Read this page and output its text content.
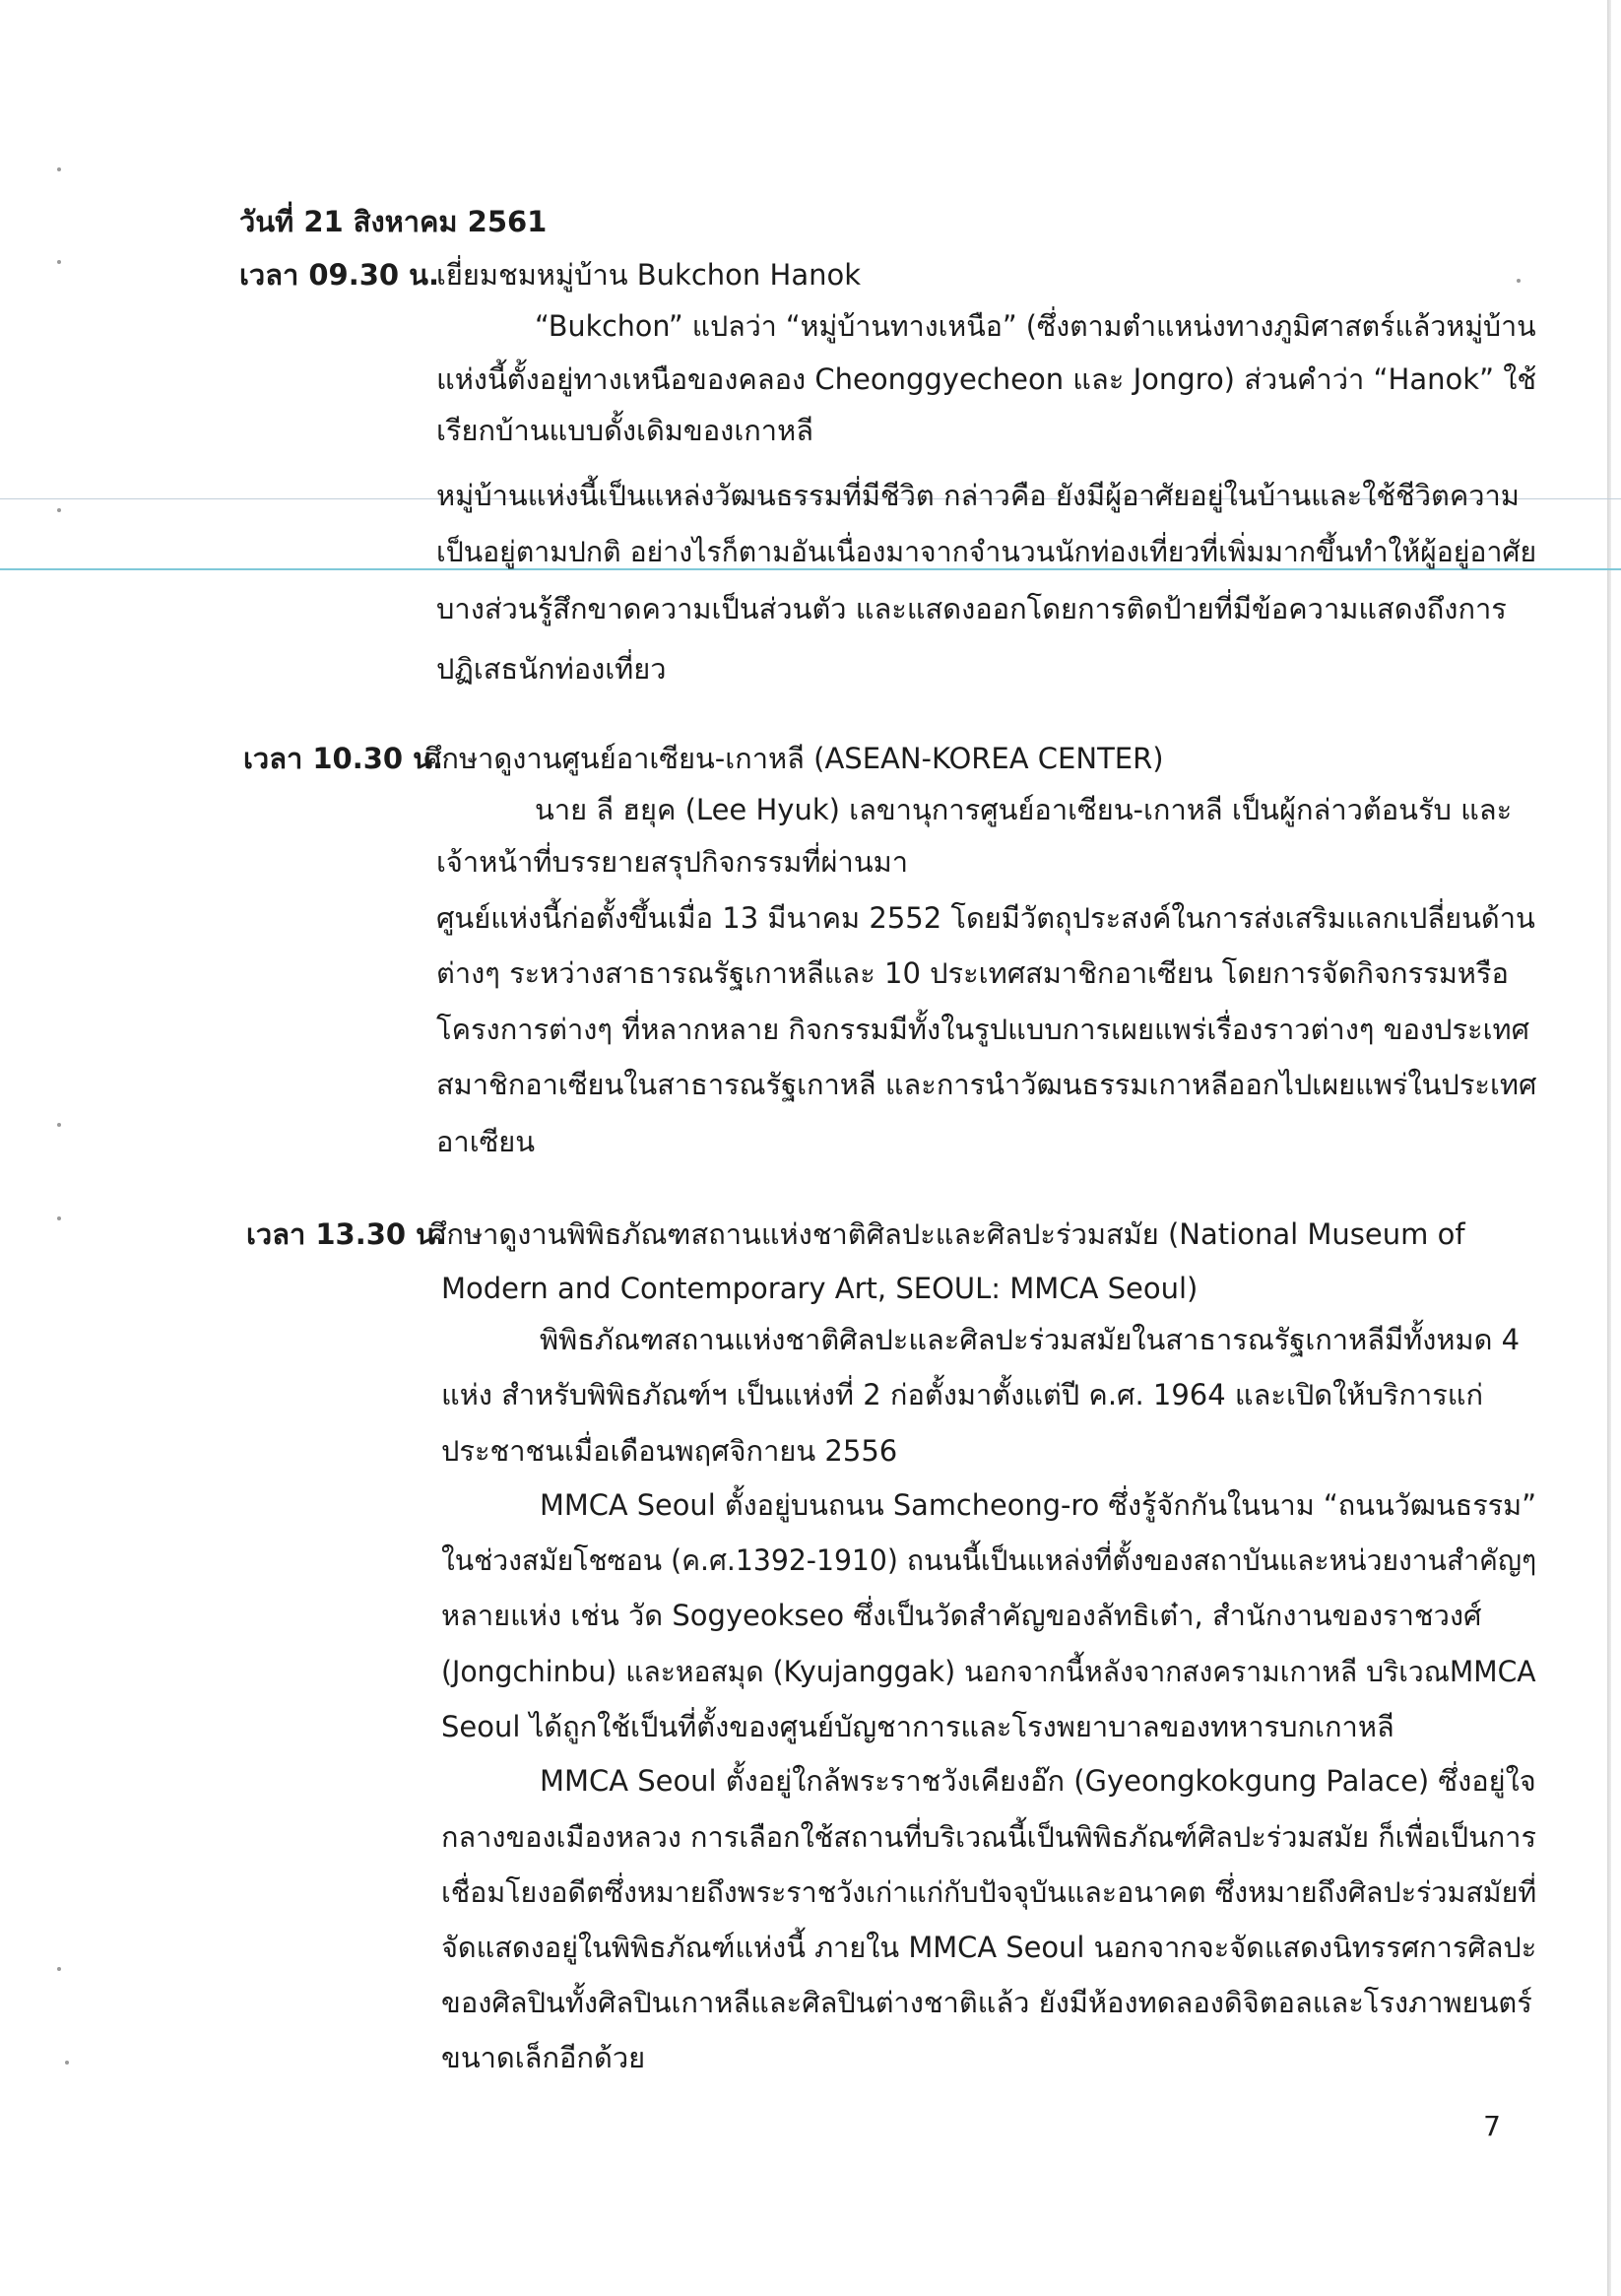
วันที่ 21 สิงหาคม 2561
เวลา 09.30 น.
เยี่ยมชมหมู่บ้าน Bukchon Hanok
“Bukchon” แปลว่า “หมู่บ้านทางเหนือ” (ซึ่งตามตำแหน่งทางภูมิศาสตร์แล้วหมู่บ้าน
แห่งนี้ตั้งอยู่ทางเหนือของคลอง Cheonggyecheon และ Jongro) ส่วนคำว่า “Hanok” ใช้
เรียกบ้านแบบดั้งเดิมของเกาหลี
หมู่บ้านแห่งนี้เป็นแหล่งวัฒนธรรมที่มีชีวิต กล่าวคือ ยังมีผู้อาศัยอยู่ในบ้านและใช้ชีวิตความ
เป็นอยู่ตามปกติ อย่างไรก็ตามอันเนื่องมาจากจำนวนนักท่องเที่ยวที่เพิ่มมากขึ้นทำให้ผู้อยู่อาศัย
บางส่วนรู้สึกขาดความเป็นส่วนตัว และแสดงออกโดยการติดป้ายที่มีข้อความแสดงถึงการ
ปฏิเสธนักท่องเที่ยว
เวลา 10.30 น.
ศึกษาดูงานศูนย์อาเซียน-เกาหลี (ASEAN-KOREA CENTER)
นาย ลี ฮยุค (Lee Hyuk) เลขานุการศูนย์อาเซียน-เกาหลี เป็นผู้กล่าวต้อนรับ และ
เจ้าหน้าที่บรรยายสรุปกิจกรรมที่ผ่านมา
ศูนย์แห่งนี้ก่อตั้งขึ้นเมื่อ 13 มีนาคม 2552 โดยมีวัตถุประสงค์ในการส่งเสริมแลกเปลี่ยนด้าน
ต่างๆ ระหว่างสาธารณรัฐเกาหลีและ 10 ประเทศสมาชิกอาเซียน โดยการจัดกิจกรรมหรือ
โครงการต่างๆ ที่หลากหลาย กิจกรรมมีทั้งในรูปแบบการเผยแพร่เรื่องราวต่างๆ ของประเทศ
สมาชิกอาเซียนในสาธารณรัฐเกาหลี และการนำวัฒนธรรมเกาหลีออกไปเผยแพร่ในประเทศ
อาเซียน
เวลา 13.30 น.
ศึกษาดูงานพิพิธภัณฑสถานแห่งชาติศิลปะและศิลปะร่วมสมัย (National Museum of
Modern and Contemporary Art, SEOUL: MMCA Seoul)
พิพิธภัณฑสถานแห่งชาติศิลปะและศิลปะร่วมสมัยในสาธารณรัฐเกาหลีมีทั้งหมด 4
แห่ง สำหรับพิพิธภัณฑ์ฯ เป็นแห่งที่ 2 ก่อตั้งมาตั้งแต่ปี ค.ศ. 1964 และเปิดให้บริการแก่
ประชาชนเมื่อเดือนพฤศจิกายน 2556
MMCA Seoul ตั้งอยู่บนถนน Samcheong-ro ซึ่งรู้จักกันในนาม “ถนนวัฒนธรรม”
ในช่วงสมัยโชซอน (ค.ศ.1392-1910) ถนนนี้เป็นแหล่งที่ตั้งของสถาบันและหน่วยงานสำคัญๆ
หลายแห่ง เช่น วัด Sogyeokseo ซึ่งเป็นวัดสำคัญของลัทธิเต๋า, สำนักงานของราชวงศ์
(Jongchinbu) และหอสมุด (Kyujanggak) นอกจากนี้หลังจากสงครามเกาหลี บริเวณMMCA
Seoul ได้ถูกใช้เป็นที่ตั้งของศูนย์บัญชาการและโรงพยาบาลของทหารบกเกาหลี
MMCA Seoul ตั้งอยู่ใกล้พระราชวังเคียงอ๊ก (Gyeongkokgung Palace) ซึ่งอยู่ใจ
กลางของเมืองหลวง การเลือกใช้สถานที่บริเวณนี้เป็นพิพิธภัณฑ์ศิลปะร่วมสมัย ก็เพื่อเป็นการ
เชื่อมโยงอดีตซึ่งหมายถึงพระราชวังเก่าแก่กับปัจจุบันและอนาคต ซึ่งหมายถึงศิลปะร่วมสมัยที่
จัดแสดงอยู่ในพิพิธภัณฑ์แห่งนี้ ภายใน MMCA Seoul นอกจากจะจัดแสดงนิทรรศการศิลปะ
ของศิลปินทั้งศิลปินเกาหลีและศิลปินต่างชาติแล้ว ยังมีห้องทดลองดิจิตอลและโรงภาพยนตร์
ขนาดเล็กอีกด้วย
7
